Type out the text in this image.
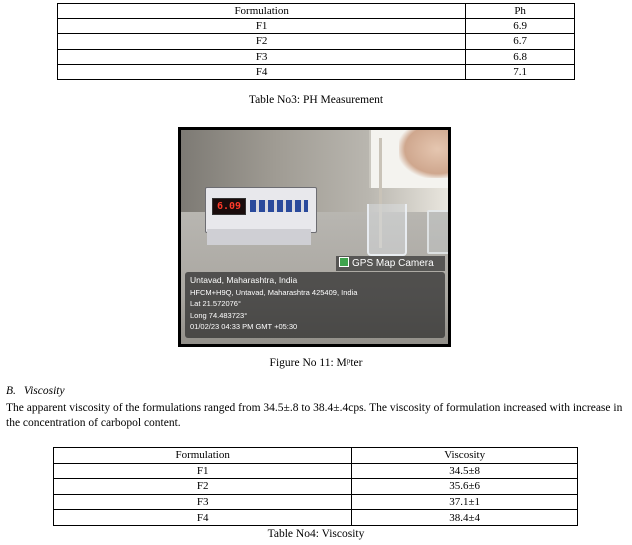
Formulation	Ph
F1	6.9
F2	6.7
F3	6.8
F4	7.1
Table No3: PH Measurement
6.09
GPS Map Camera
Untavad, Maharashtra, India
HFCM+H9Q, Untavad, Maharashtra 425409, India
Lat 21.572076°
Long 74.483723°
01/02/23 04:33 PM GMT +05:30
Figure No 11: Mᵖter
B. Viscosity
The apparent viscosity of the formulations ranged from 34.5±.8 to 38.4±.4cps. The viscosity of formulation increased with increase in the concentration of carbopol content.
Formulation	Viscosity
F1	34.5±8
F2	35.6±6
F3	37.1±1
F4	38.4±4
Table No4: Viscosity
